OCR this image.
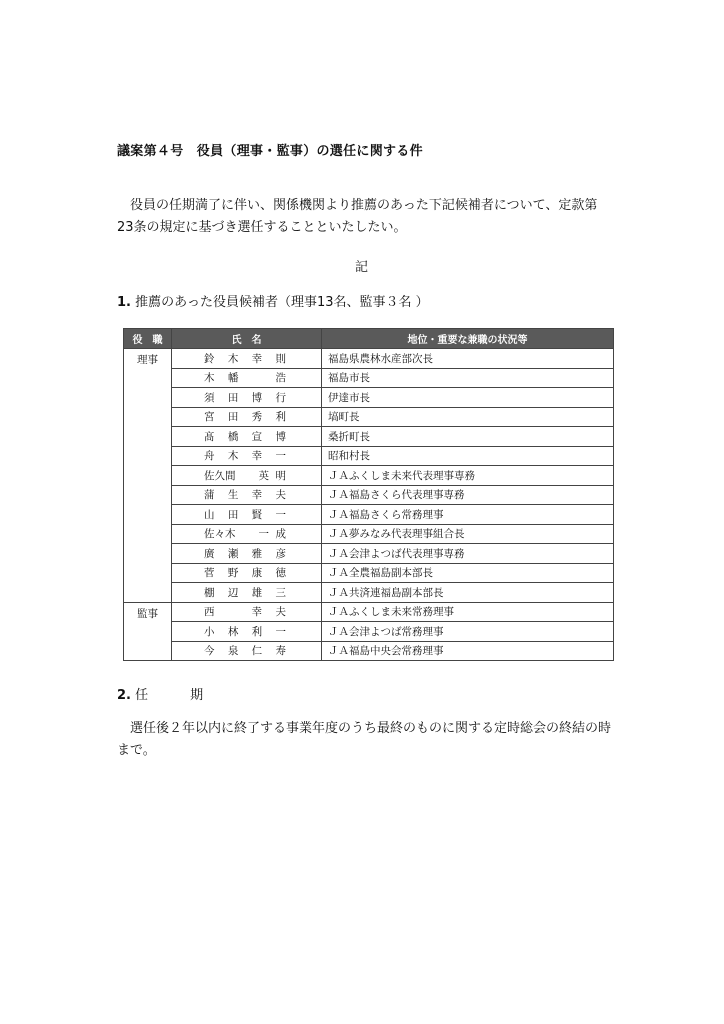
議案第４号　役員（理事・監事）の選任に関する件
役員の任期満了に伴い、関係機関より推薦のあった下記候補者について、定款第23条の規定に基づき選任することといたしたい。
記
1. 推薦のあった役員候補者（理事13名、監事３名 ）
役　職	氏　名	地位・重要な兼職の状況等
理事	鈴 木 幸 則	福島県農林水産部次長

	木 幡 浩	福島市長

	須 田 博 行	伊達市長

	宮 田 秀 利	塙町長

	髙 橋 宣 博	桑折町長

	舟 木 幸 一	昭和村長

	佐久間 英 明	ＪＡふくしま未来代表理事専務

	蒲 生 幸 夫	ＪＡ福島さくら代表理事専務

	山 田 賢 一	ＪＡ福島さくら常務理事

	佐々木 一 成	ＪＡ夢みなみ代表理事組合長

	廣 瀬 雅 彦	ＪＡ会津よつば代表理事専務

	菅 野 康 徳	ＪＡ全農福島副本部長

	棚 辺 雄 三	ＪＡ共済連福島副本部長
監事	西 幸 夫	ＪＡふくしま未来常務理事

	小 林 利 一	ＪＡ会津よつば常務理事

	今 泉 仁 寿	ＪＡ福島中央会常務理事
2. 任	期
選任後２年以内に終了する事業年度のうち最終のものに関する定時総会の終結の時まで。
